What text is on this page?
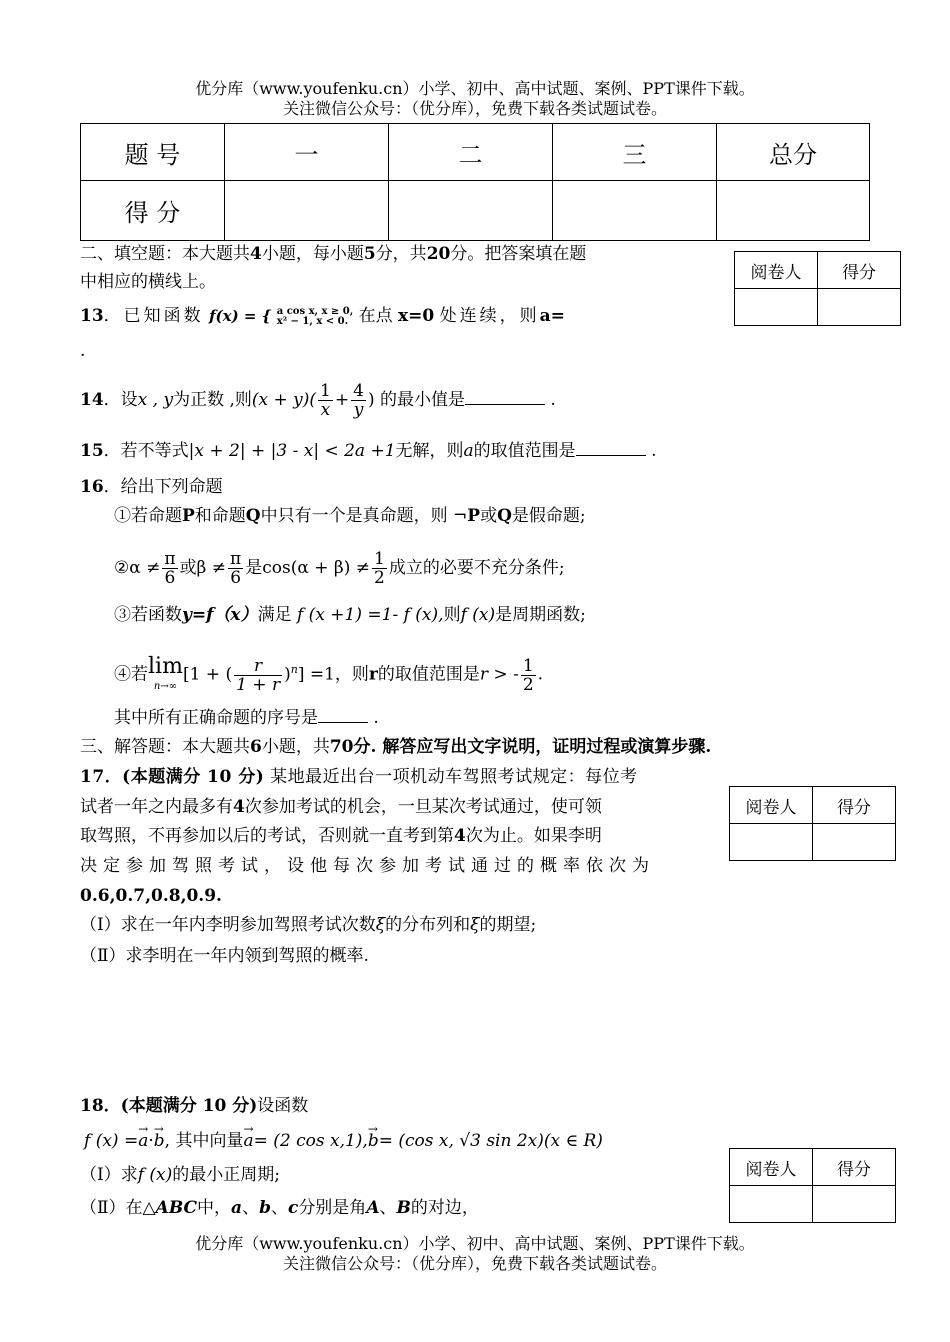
优分库（www.youfenku.cn）小学、初中、高中试题、案例、PPT课件下载。
关注微信公众号：（优分库），免费下载各类试题试卷。
题 号	一	二	三	总分
得 分				
阅卷人	得分

二、填空题：本大题共4小题，每小题5分，共20分。把答案填在题
中相应的横线上。
13．已知函数 f(x) = { a cos x, x ≥ 0,
x² − 1, x < 0. 在点 x=0 处连续，则a=
.
14．设x , y为正数 ,则$(x + y)( \frac{1}{x} + \frac{4}{y}$ ) 的最小值是	.
15．若不等式|x + 2| + |3 - x| < 2a +1无解，则a的取值范围是	.
16．给出下列命题
①若命题P和命题Q中只有一个是真命题，则 ¬P或Q是假命题;
②α ≠ $\frac{\pi}{6}$ 或$\beta \ne \frac{\pi}{6}$ 是$\cos(\alpha + \beta) \ne \frac{1}{2}$ 成立的必要不充分条件;
③若函数y=f（x）满足 f (x +1) =1- f (x),则f (x)是周期函数;
④若 lim
n→∞
[1 + ( $\frac{r}{1 + r} )^n] =1$，则r的取值范围是r > - $\frac{1}{2}$ .
其中所有正确命题的序号是	.
三、解答题：本大题共6小题，共70分. 解答应写出文字说明，证明过程或演算步骤.
17．(本题满分 10 分) 某地最近出台一项机动车驾照考试规定：每位考
试者一年之内最多有4次参加考试的机会，一旦某次考试通过，使可领
取驾照，不再参加以后的考试，否则就一直考到第4次为止。如果李明
决定参加驾照考试，设他每次参加考试通过的概率依次为
0.6,0.7,0.8,0.9.
（Ⅰ）求在一年内李明参加驾照考试次数ξ的分布列和ξ的期望;
（Ⅱ）求李明在一年内领到驾照的概率.
阅卷人	得分

18．(本题满分 10 分)设函数
f (x) =→ a·→ b, 其中向量→ a= (2 cos x,1),→ b= (cos x, √3 sin 2x)(x ∈ R)
（Ⅰ）求f (x)的最小正周期;
（Ⅱ）在△ABC中，a、b、c分别是角A、B的对边，
阅卷人	得分

优分库（www.youfenku.cn）小学、初中、高中试题、案例、PPT课件下载。
关注微信公众号：（优分库），免费下载各类试题试卷。
